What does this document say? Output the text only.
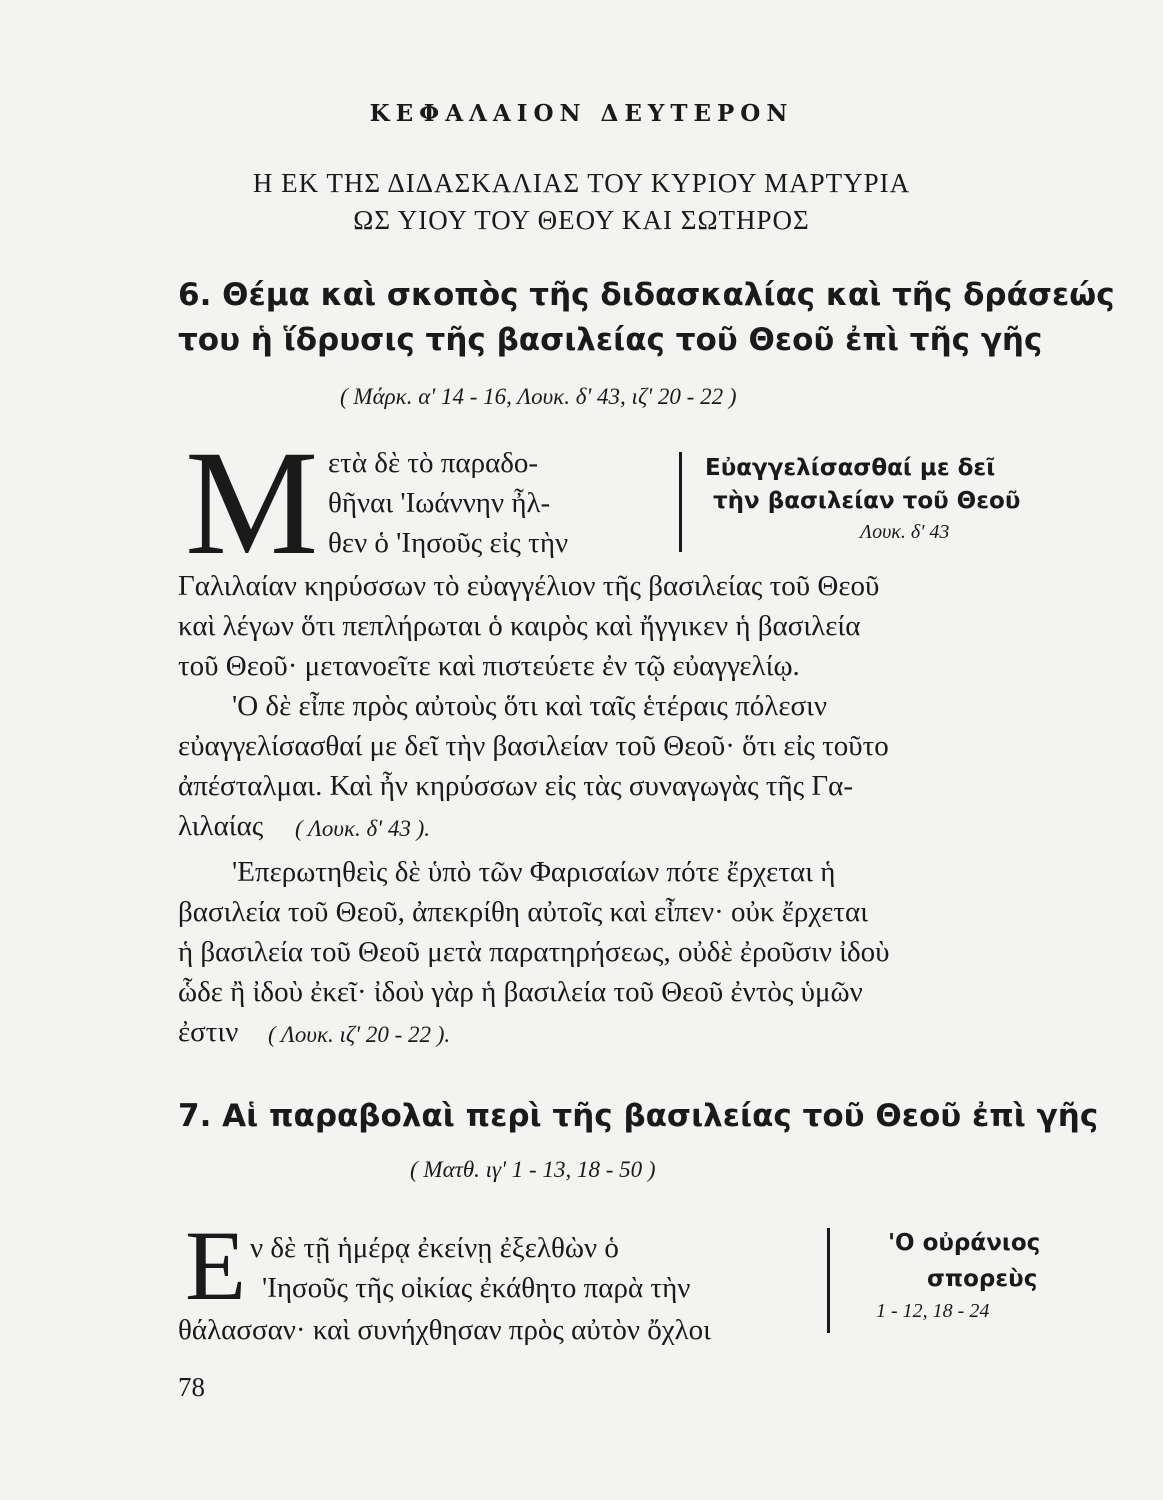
ΚΕΦΑΛΑΙΟΝ ΔΕΥΤΕΡΟΝ
Η ΕΚ ΤΗΣ ΔΙΔΑΣΚΑΛΙΑΣ ΤΟΥ ΚΥΡΙΟΥ ΜΑΡΤΥΡΙΑ
ΩΣ ΥΙΟΥ ΤΟΥ ΘΕΟΥ ΚΑΙ ΣΩΤΗΡΟΣ
6. Θέμα καὶ σκοπὸς τῆς διδασκαλίας καὶ τῆς δράσεώς
του ἡ ἵδρυσις τῆς βασιλείας τοῦ Θεοῦ ἐπὶ τῆς γῆς
( Μάρκ. α' 14 - 16, Λουκ. δ' 43, ιζ' 20 - 22 )
Μ ετὰ δὲ τὸ παραδο-
θῆναι 'Ιωάννην ἦλ-
θεν ὁ 'Ιησοῦς εἰς τὴν
Εὐαγγελίσασθαί με δεῖ
τὴν βασιλείαν τοῦ Θεοῦ
Λουκ. δ' 43
Γαλιλαίαν κηρύσσων τὸ εὐαγγέλιον τῆς βασιλείας τοῦ Θεοῦ
καὶ λέγων ὅτι πεπλήρωται ὁ καιρὸς καὶ ἤγγικεν ἡ βασιλεία
τοῦ Θεοῦ· μετανοεῖτε καὶ πιστεύετε ἐν τῷ εὐαγγελίῳ.
'Ο δὲ εἶπε πρὸς αὐτοὺς ὅτι καὶ ταῖς ἑτέραις πόλεσιν
εὐαγγελίσασθαί με δεῖ τὴν βασιλείαν τοῦ Θεοῦ· ὅτι εἰς τοῦτο
ἀπέσταλμαι. Καὶ ἦν κηρύσσων εἰς τὰς συναγωγὰς τῆς Γα-
λιλαίας ( Λουκ. δ' 43 ).
'Επερωτηθεὶς δὲ ὑπὸ τῶν Φαρισαίων πότε ἔρχεται ἡ
βασιλεία τοῦ Θεοῦ, ἀπεκρίθη αὐτοῖς καὶ εἶπεν· οὐκ ἔρχεται
ἡ βασιλεία τοῦ Θεοῦ μετὰ παρατηρήσεως, οὐδὲ ἐροῦσιν ἰδοὺ
ὧδε ἢ ἰδοὺ ἐκεῖ· ἰδοὺ γὰρ ἡ βασιλεία τοῦ Θεοῦ ἐντὸς ὑμῶν
ἐστιν ( Λουκ. ιζ' 20 - 22 ).
7. Αἱ παραβολαὶ περὶ τῆς βασιλείας τοῦ Θεοῦ ἐπὶ γῆς
( Ματθ. ιγ' 1 - 13, 18 - 50 )
Ε ν δὲ τῇ ἡμέρᾳ ἐκείνῃ ἐξελθὼν ὁ
'Ιησοῦς τῆς οἰκίας ἐκάθητο παρὰ τὴν
θάλασσαν· καὶ συνήχθησαν πρὸς αὐτὸν ὄχλοι
'Ο οὐράνιος
σπορεὺς
1 - 12, 18 - 24
78
